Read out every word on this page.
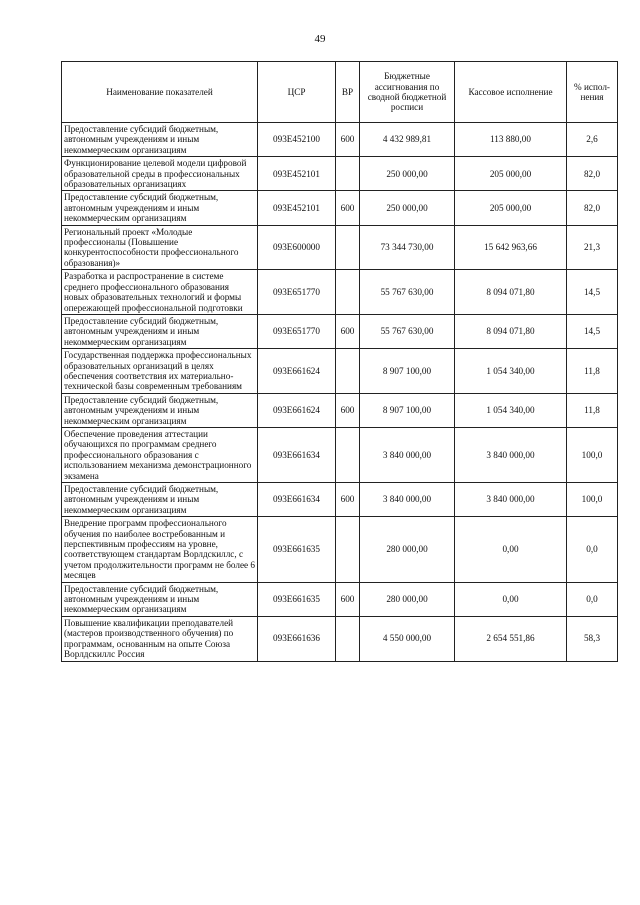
49
Наименование показателей	ЦСР	ВР	Бюджетные ассигнования по сводной бюджетной росписи	Кассовое исполнение	% испол-нения
Предоставление субсидий бюджетным, автономным учреждениям и иным некоммерческим организациям	093E452100	600	4 432 989,81	113 880,00	2,6
Функционирование целевой модели цифровой образовательной среды в профессиональных образовательных организациях	093E452101		250 000,00	205 000,00	82,0
Предоставление субсидий бюджетным, автономным учреждениям и иным некоммерческим организациям	093E452101	600	250 000,00	205 000,00	82,0
Региональный проект «Молодые профессионалы (Повышение конкурентоспособности профессионального образования)»	093E600000		73 344 730,00	15 642 963,66	21,3
Разработка и распространение в системе среднего профессионального образования новых образовательных технологий и формы опережающей профессиональной подготовки	093E651770		55 767 630,00	8 094 071,80	14,5
Предоставление субсидий бюджетным, автономным учреждениям и иным некоммерческим организациям	093E651770	600	55 767 630,00	8 094 071,80	14,5
Государственная поддержка профессиональных образовательных организаций в целях обеспечения соответствия их материально-технической базы современным требованиям	093E661624		8 907 100,00	1 054 340,00	11,8
Предоставление субсидий бюджетным, автономным учреждениям и иным некоммерческим организациям	093E661624	600	8 907 100,00	1 054 340,00	11,8
Обеспечение проведения аттестации обучающихся по программам среднего профессионального образования с использованием механизма демонстрационного экзамена	093E661634		3 840 000,00	3 840 000,00	100,0
Предоставление субсидий бюджетным, автономным учреждениям и иным некоммерческим организациям	093E661634	600	3 840 000,00	3 840 000,00	100,0
Внедрение программ профессионального обучения по наиболее востребованным и перспективным профессиям на уровне, соответствующем стандартам Ворлдскиллс, с учетом продолжительности программ не более 6 месяцев	093E661635		280 000,00	0,00	0,0
Предоставление субсидий бюджетным, автономным учреждениям и иным некоммерческим организациям	093E661635	600	280 000,00	0,00	0,0
Повышение квалификации преподавателей (мастеров производственного обучения) по программам, основанным на опыте Союза Ворлдскиллс Россия	093E661636		4 550 000,00	2 654 551,86	58,3
